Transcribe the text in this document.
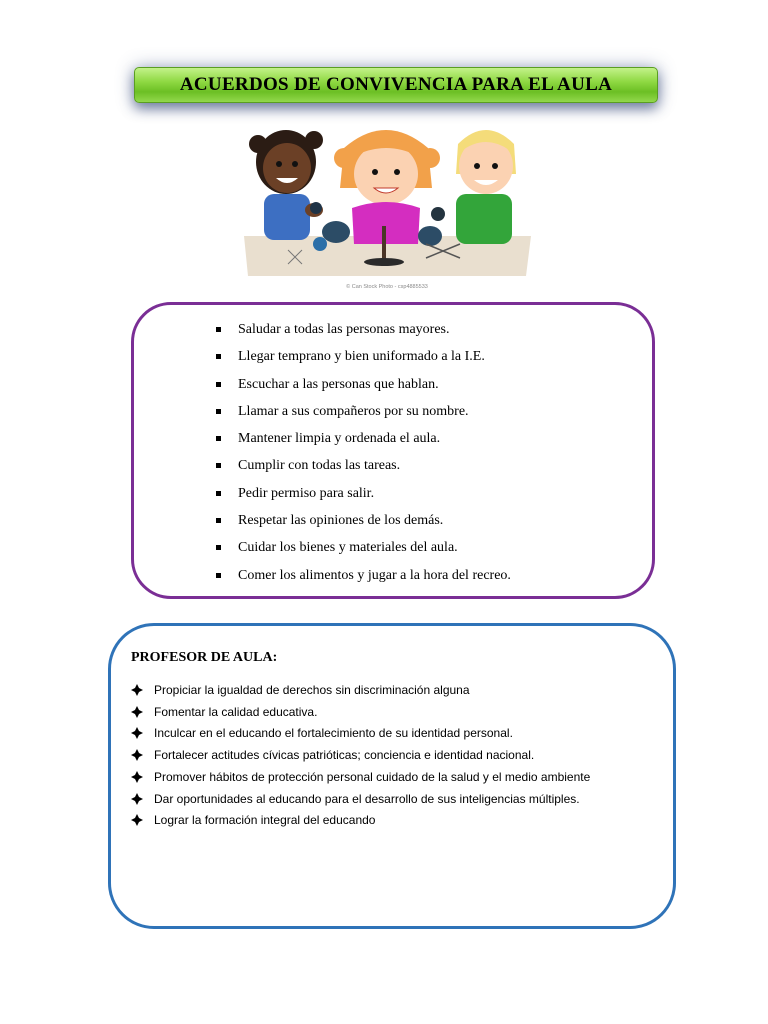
ACUERDOS DE CONVIVENCIA PARA EL AULA
© Can Stock Photo - csp4885533
Saludar a todas las personas mayores.
Llegar temprano y bien uniformado a la I.E.
Escuchar a las personas que hablan.
Llamar a sus compañeros por su nombre.
Mantener limpia y ordenada el aula.
Cumplir con todas las tareas.
Pedir permiso para salir.
Respetar las opiniones de los demás.
Cuidar los bienes y materiales del aula.
Comer los alimentos y jugar a la hora del recreo.
PROFESOR DE AULA:
Propiciar la igualdad de derechos sin discriminación alguna
Fomentar la calidad educativa.
Inculcar en el educando el fortalecimiento de su identidad personal.
Fortalecer actitudes cívicas patrióticas; conciencia e identidad nacional.
Promover hábitos de protección personal cuidado de la salud y el medio ambiente
Dar oportunidades al educando para el desarrollo de sus inteligencias múltiples.
Lograr la formación integral del educando
